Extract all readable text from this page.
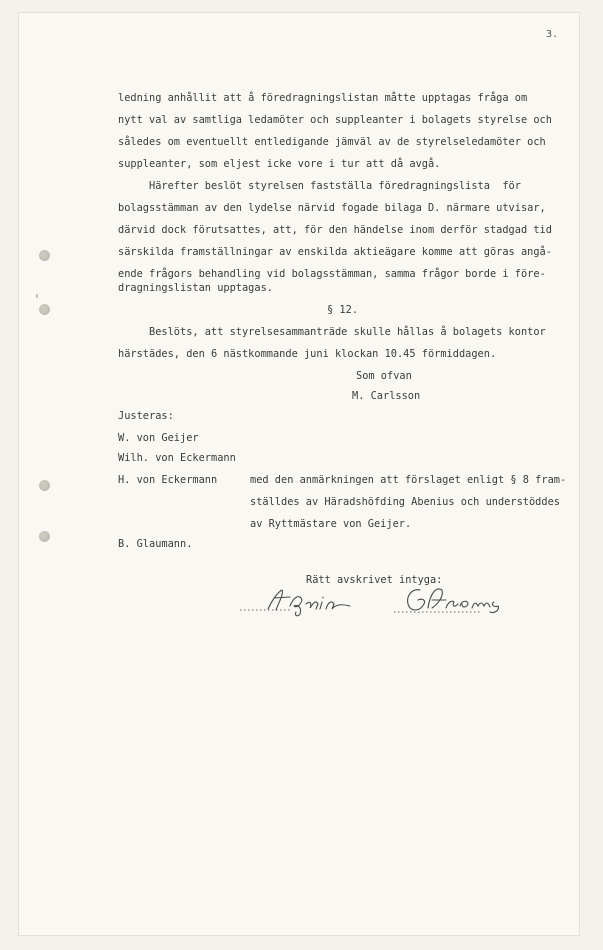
3.

ledning anhållit att å föredragningslistan måtte upptagas fråga om

nytt val av samtliga ledamöter och suppleanter i bolagets styrelse och

således om eventuellt entledigande jämväl av de styrelseledamöter och

suppleanter, som eljest icke vore i tur att då avgå.

Härefter beslöt styrelsen fastställa föredragningslista  för

bolagsstämman av den lydelse närvid fogade bilaga D. närmare utvisar,

därvid dock förutsattes, att, för den händelse inom derför stadgad tid

särskilda framställningar av enskilda aktieägare komme att göras angå-

ende frågors behandling vid bolagsstämman, samma frågor borde i före-

dragningslistan upptagas.

§ 12.

Beslöts, att styrelsesammanträde skulle hållas å bolagets kontor

härstädes, den 6 nästkommande juni klockan 10.45 förmiddagen.

Som ofvan

M. Carlsson

Justeras:

W. von Geijer

Wilh. von Eckermann

H. von Eckermann	med den anmärkningen att förslaget enligt § 8 fram-

ställdes av Häradshöfding Abenius och understöddes

av Ryttmästare von Geijer.

B. Glaumann.

Rätt avskrivet intyga:
